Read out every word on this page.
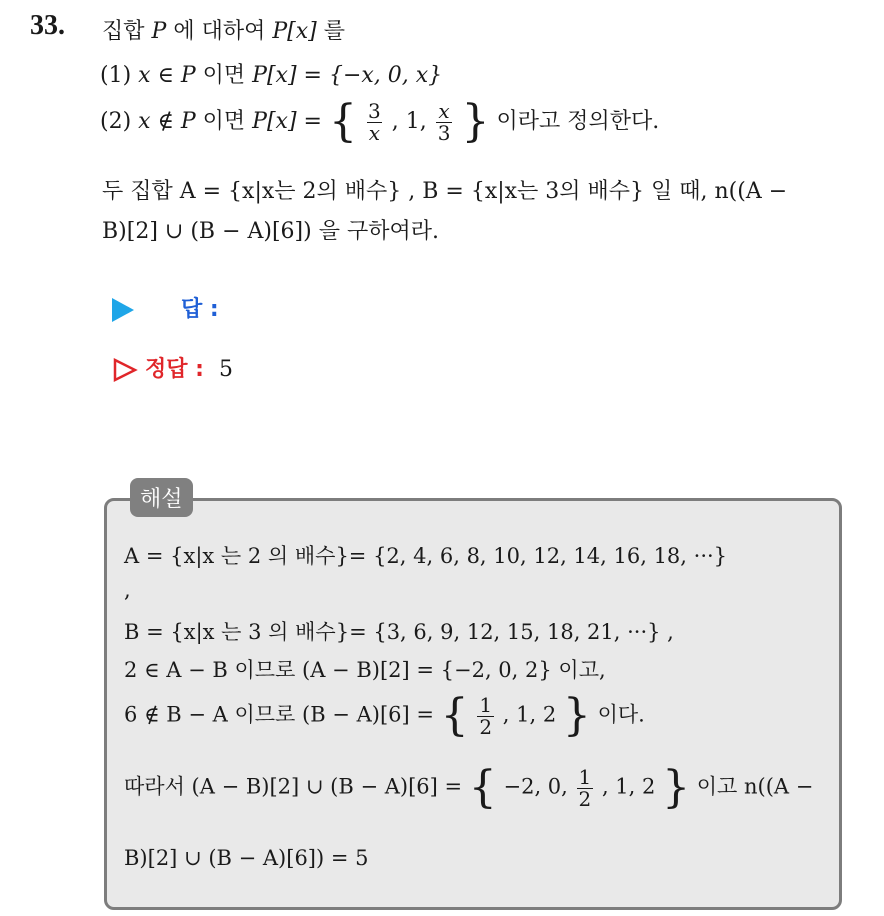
33. 집합 P 에 대하여 P[x] 를
(1) x ∈ P 이면 P[x] = {−x, 0, x}
(2) x ∉ P 이면 P[x] = { $\frac{3}{x}$ , 1, $\frac{x}{3}$ } 이라고 정의한다.
두 집합 A = {x|x는 2의 배수} , B = {x|x는 3의 배수} 일 때, n((A −
B)[2] ∪ (B − A)[6]) 을 구하여라.
답 :
정답 : 5
해설
A = {x|x 는 2 의 배수}= {2, 4, 6, 8, 10, 12, 14, 16, 18, ···}
,
B = {x|x 는 3 의 배수}= {3, 6, 9, 12, 15, 18, 21, ···} ,
2 ∈ A − B 이므로 (A − B)[2] = {−2, 0, 2} 이고,
6 ∉ B − A 이므로 (B − A)[6] = { $\frac{1}{2}$ , 1, 2 } 이다.
따라서 (A − B)[2] ∪ (B − A)[6] = { −2, 0, $\frac{1}{2}$ , 1, 2 } 이고 n((A −
B)[2] ∪ (B − A)[6]) = 5
